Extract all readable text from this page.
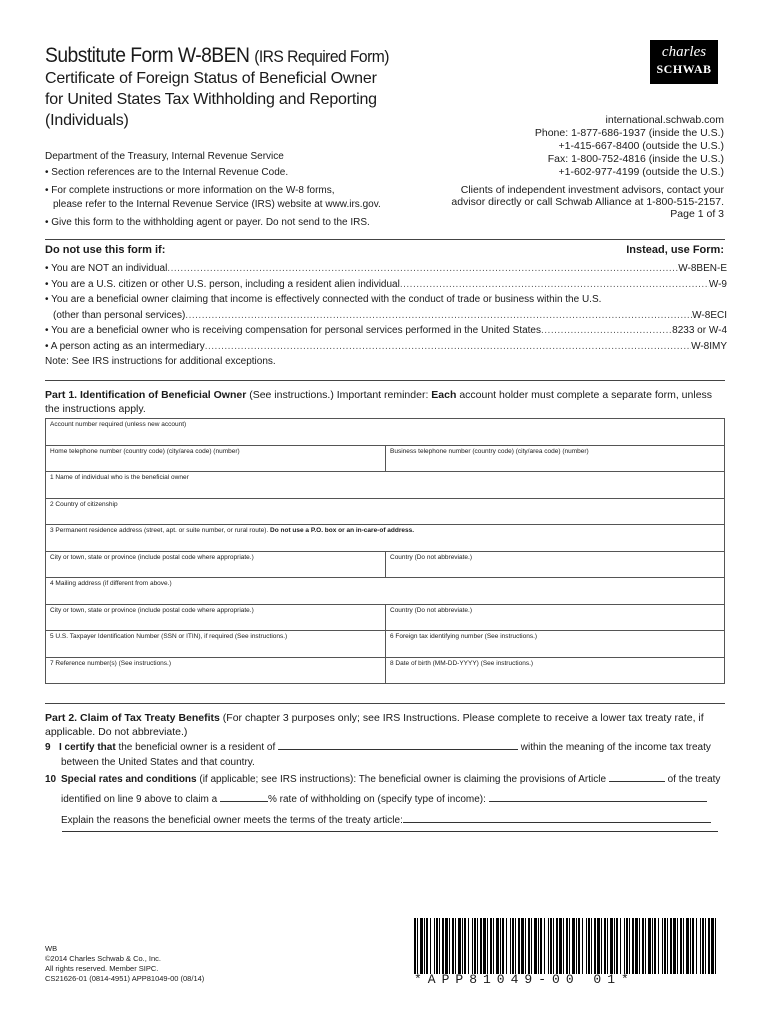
Substitute Form W-8BEN (IRS Required Form)
Certificate of Foreign Status of Beneficial Owner
for United States Tax Withholding and Reporting
(Individuals)
charles
SCHWAB
international.schwab.com
Phone: 1-877-686-1937 (inside the U.S.)
+1-415-667-8400 (outside the U.S.)
Fax: 1-800-752-4816 (inside the U.S.)
+1-602-977-4199 (outside the U.S.)
Clients of independent investment advisors, contact your
advisor directly or call Schwab Alliance at 1-800-515-2157.
Page 1 of 3
Department of the Treasury, Internal Revenue Service
• Section references are to the Internal Revenue Code.
• For complete instructions or more information on the W-8 forms,
please refer to the Internal Revenue Service (IRS) website at www.irs.gov.
• Give this form to the withholding agent or payer. Do not send to the IRS.
Do not use this form if:	Instead, use Form:
• You are NOT an individual .....	W-8BEN-E
• You are a U.S. citizen or other U.S. person, including a resident alien individual .....	W-9
• You are a beneficial owner claiming that income is effectively connected with the conduct of trade or business within the U.S.
(other than personal services) .....	W-8ECI
• You are a beneficial owner who is receiving compensation for personal services performed in the United States .....	8233 or W-4
• A person acting as an intermediary .....	W-8IMY
Note: See IRS instructions for additional exceptions.
Part 1. Identification of Beneficial Owner (See instructions.) Important reminder: Each account holder must complete a separate form, unless the instructions apply.
Account number required (unless new account)
Home telephone number (country code) (city/area code) (number)	Business telephone number (country code) (city/area code) (number)
1 Name of individual who is the beneficial owner
2 Country of citizenship
3 Permanent residence address (street, apt. or suite number, or rural route). Do not use a P.O. box or an in-care-of address.
City or town, state or province (include postal code where appropriate.)	Country (Do not abbreviate.)
4 Mailing address (if different from above.)
City or town, state or province (include postal code where appropriate.)	Country (Do not abbreviate.)
5 U.S. Taxpayer Identification Number (SSN or ITIN), if required (See instructions.)	6 Foreign tax identifying number (See instructions.)
7 Reference number(s) (See instructions.)	8 Date of birth (MM-DD-YYYY) (See instructions.)
Part 2. Claim of Tax Treaty Benefits (For chapter 3 purposes only; see IRS Instructions. Please complete to receive a lower tax treaty rate, if applicable. Do not abbreviate.)
9 I certify that the beneficial owner is a resident of	within the meaning of the income tax treaty
between the United States and that country.
10 Special rates and conditions (if applicable; see IRS instructions): The beneficial owner is claiming the provisions of Article	of the treaty
identified on line 9 above to claim a	% rate of withholding on (specify type of income):
Explain the reasons the beneficial owner meets the terms of the treaty article:
WB
©2014 Charles Schwab & Co., Inc.
All rights reserved. Member SIPC.
CS21626-01 (0814-4951) APP81049-00 (08/14)	*APP81049-00 01*
